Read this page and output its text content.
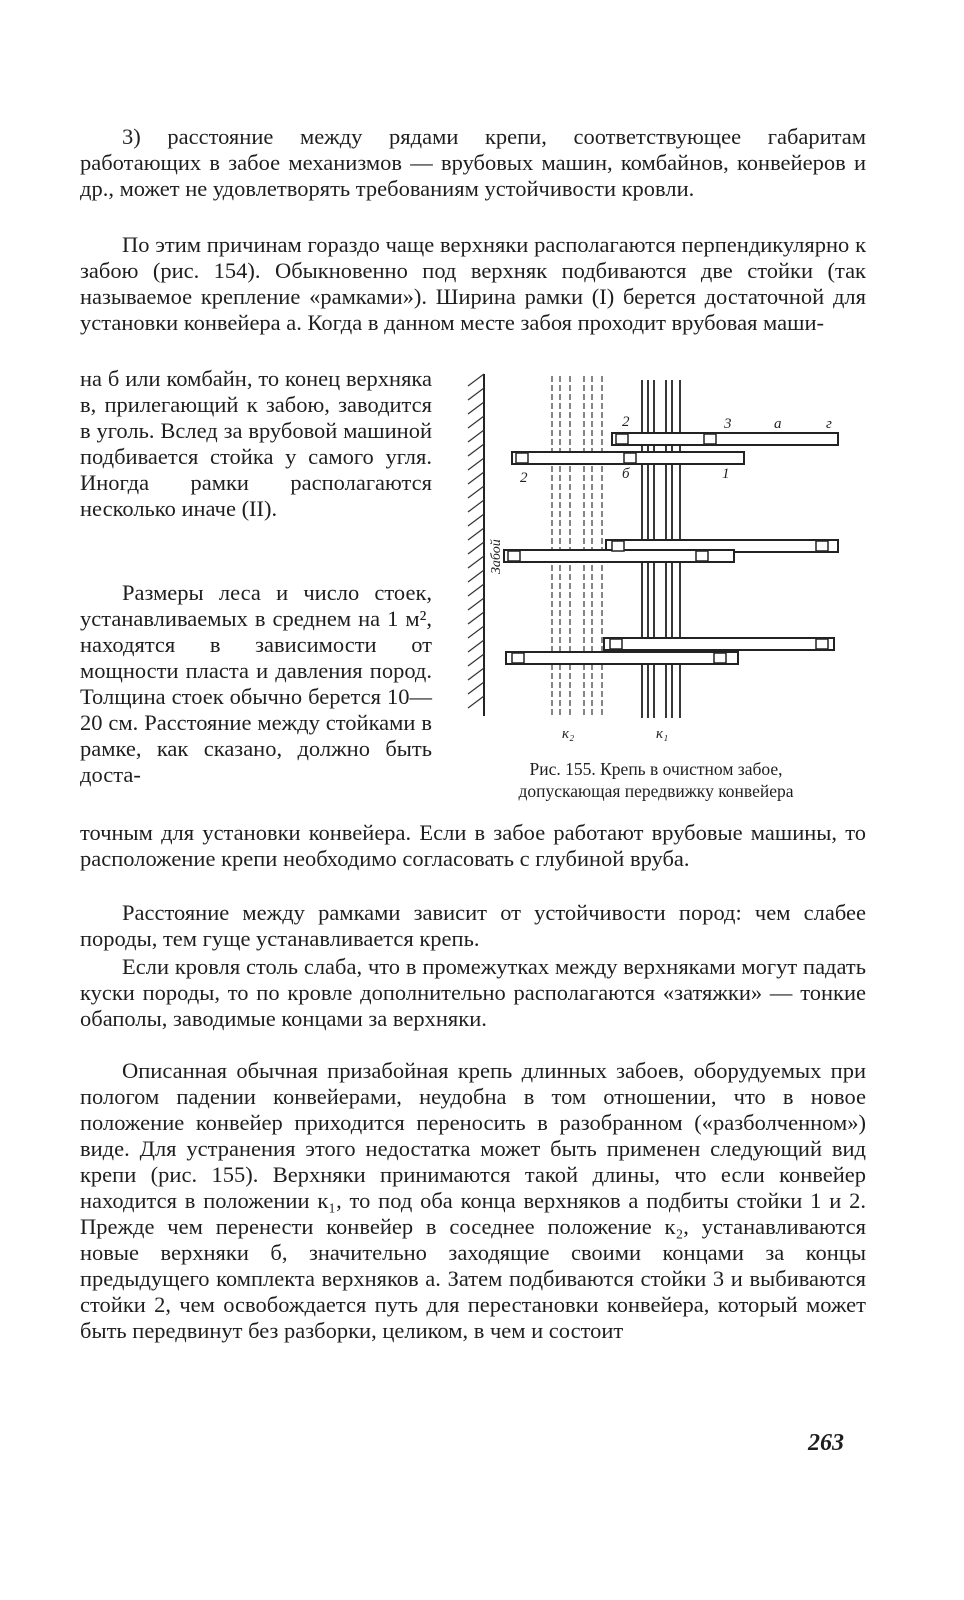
3) расстояние между рядами крепи, соответствующее габаритам работающих в забое механизмов — врубовых машин, комбайнов, конвейеров и др., может не удовлетворять требованиям устойчивости кровли.

По этим причинам гораздо чаще верхняки располагаются перпендикулярно к забою (рис. 154). Обыкновенно под верхняк подбиваются две стойки (так называемое крепление «рамками»). Ширина рамки (I) берется достаточной для установки конвейера а. Когда в данном месте забоя проходит врубовая маши-

на б или комбайн, то конец верхняка в, прилегающий к забою, заводится в уголь. Вслед за врубовой машиной подбивается стойка у самого угля. Иногда рамки располагаются несколько иначе (II).

Размеры леса и число стоек, устанавливаемых в среднем на 1 м², находятся в зависимости от мощности пласта и давления пород. Толщина стоек обычно берется 10—20 см. Расстояние между стойками в рамке, как сказано, должно быть доста-

Забой
2	3	а	г
2	б	1
к₂	к₁
Рис. 155. Крепь в очистном забое,
допускающая передвижку конвейера

точным для установки конвейера. Если в забое работают врубовые машины, то расположение крепи необходимо согласовать с глубиной вруба.

Расстояние между рамками зависит от устойчивости пород: чем слабее породы, тем гуще устанавливается крепь.

Если кровля столь слаба, что в промежутках между верхняками могут падать куски породы, то по кровле дополнительно располагаются «затяжки» — тонкие обаполы, заводимые концами за верхняки.

Описанная обычная призабойная крепь длинных забоев, оборудуемых при пологом падении конвейерами, неудобна в том отношении, что в новое положение конвейер приходится переносить в разобранном («разболченном») виде. Для устранения этого недостатка может быть применен следующий вид крепи (рис. 155). Верхняки принимаются такой длины, что если конвейер находится в положении к₁, то под оба конца верхняков а подбиты стойки 1 и 2. Прежде чем перенести конвейер в соседнее положение к₂, устанавливаются новые верхняки б, значительно заходящие своими концами за концы предыдущего комплекта верхняков а. Затем подбиваются стойки 3 и выбиваются стойки 2, чем освобождается путь для перестановки конвейера, который может быть передвинут без разборки, целиком, в чем и состоит

263
